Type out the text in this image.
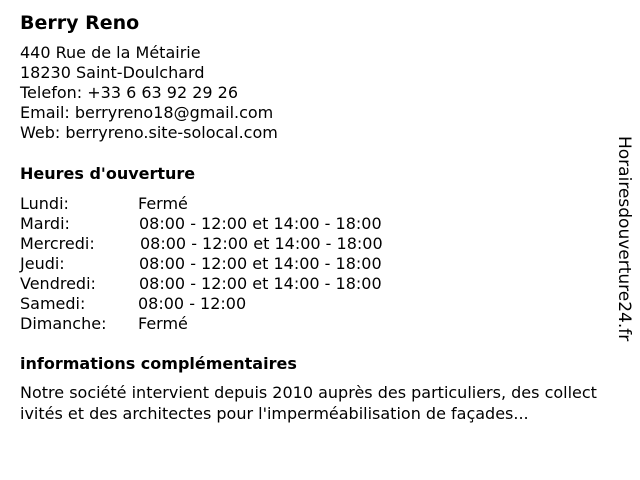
Berry Reno
440 Rue de la Métairie
18230 Saint-Doulchard
Telefon: +33 6 63 92 29 26
Email: berryreno18@gmail.com
Web: berryreno.site-solocal.com
Heures d'ouverture
Lundi:	Fermé
Mardi:	08:00 - 12:00 et 14:00 - 18:00
Mercredi:	08:00 - 12:00 et 14:00 - 18:00
Jeudi:	08:00 - 12:00 et 14:00 - 18:00
Vendredi:	08:00 - 12:00 et 14:00 - 18:00
Samedi:	08:00 - 12:00
Dimanche:	Fermé
informations complémentaires
Notre société intervient depuis 2010 auprès des particuliers, des collectivités et des architectes pour l'imperméabilisation de façades...
Horairesdouverture24.fr
